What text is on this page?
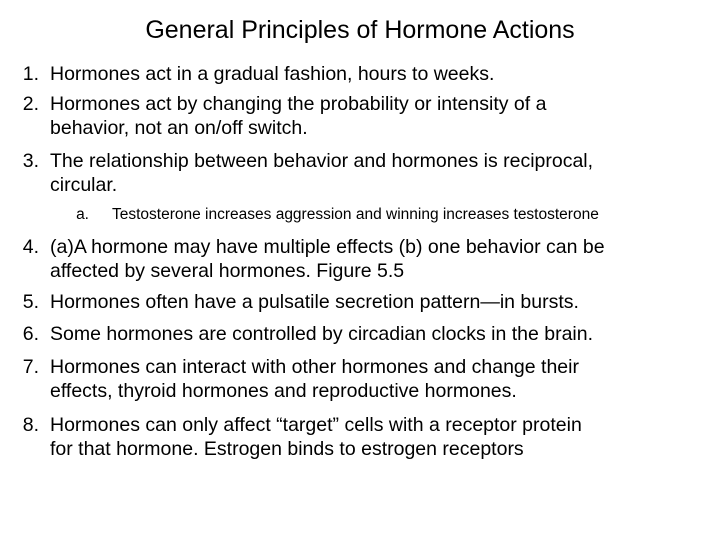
General Principles of Hormone Actions
1. Hormones act in a gradual fashion, hours to weeks.
2. Hormones act by changing the probability or intensity of a
behavior, not an on/off switch.
3. The relationship between behavior and hormones is reciprocal,
circular.
a. Testosterone increases aggression and winning increases testosterone
4. (a)A hormone may have multiple effects (b) one behavior can be
affected by several hormones. Figure 5.5
5. Hormones often have a pulsatile secretion pattern—in bursts.
6. Some hormones are controlled by circadian clocks in the brain.
7. Hormones can interact with other hormones and change their
effects, thyroid hormones and reproductive hormones.
8. Hormones can only affect “target” cells with a receptor protein
for that hormone. Estrogen binds to estrogen receptors
